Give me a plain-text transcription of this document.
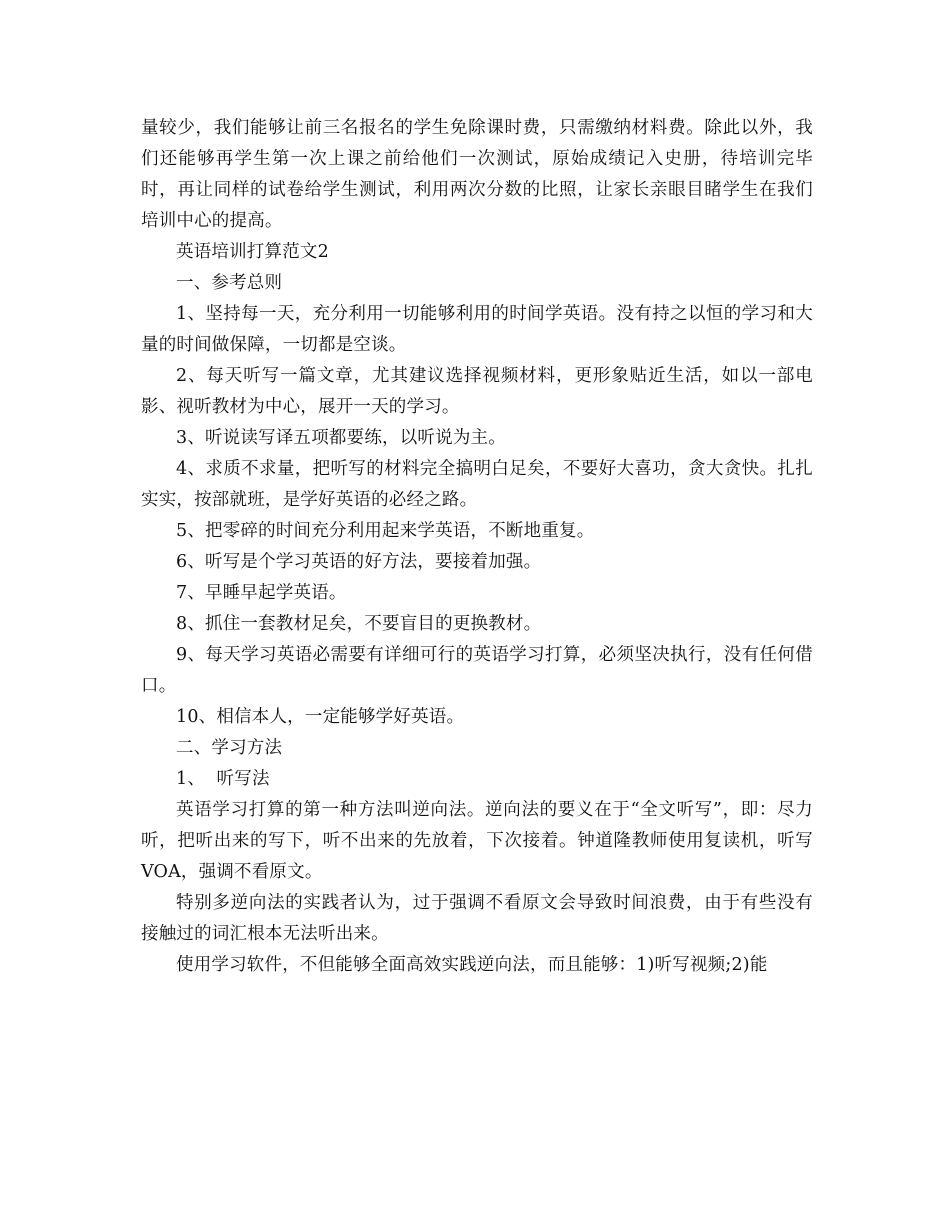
量较少，我们能够让前三名报名的学生免除课时费，只需缴纳材料费。除此以外，我们还能够再学生第一次上课之前给他们一次测试，原始成绩记入史册，待培训完毕时，再让同样的试卷给学生测试，利用两次分数的比照，让家长亲眼目睹学生在我们培训中心的提高。

英语培训打算范文2

一、参考总则

1、坚持每一天，充分利用一切能够利用的时间学英语。没有持之以恒的学习和大量的时间做保障，一切都是空谈。

2、每天听写一篇文章，尤其建议选择视频材料，更形象贴近生活，如以一部电影、视听教材为中心，展开一天的学习。

3、听说读写译五项都要练，以听说为主。

4、求质不求量，把听写的材料完全搞明白足矣，不要好大喜功，贪大贪快。扎扎实实，按部就班，是学好英语的必经之路。

5、把零碎的时间充分利用起来学英语，不断地重复。

6、听写是个学习英语的好方法，要接着加强。

7、早睡早起学英语。

8、抓住一套教材足矣，不要盲目的更换教材。

9、每天学习英语必需要有详细可行的英语学习打算，必须坚决执行，没有任何借口。

10、相信本人，一定能够学好英语。

二、学习方法

1、  听写法

英语学习打算的第一种方法叫逆向法。逆向法的要义在于“全文听写”，即：尽力听，把听出来的写下，听不出来的先放着，下次接着。钟道隆教师使用复读机，听写VOA，强调不看原文。

特别多逆向法的实践者认为，过于强调不看原文会导致时间浪费，由于有些没有接触过的词汇根本无法听出来。

使用学习软件，不但能够全面高效实践逆向法，而且能够：1)听写视频;2)能
